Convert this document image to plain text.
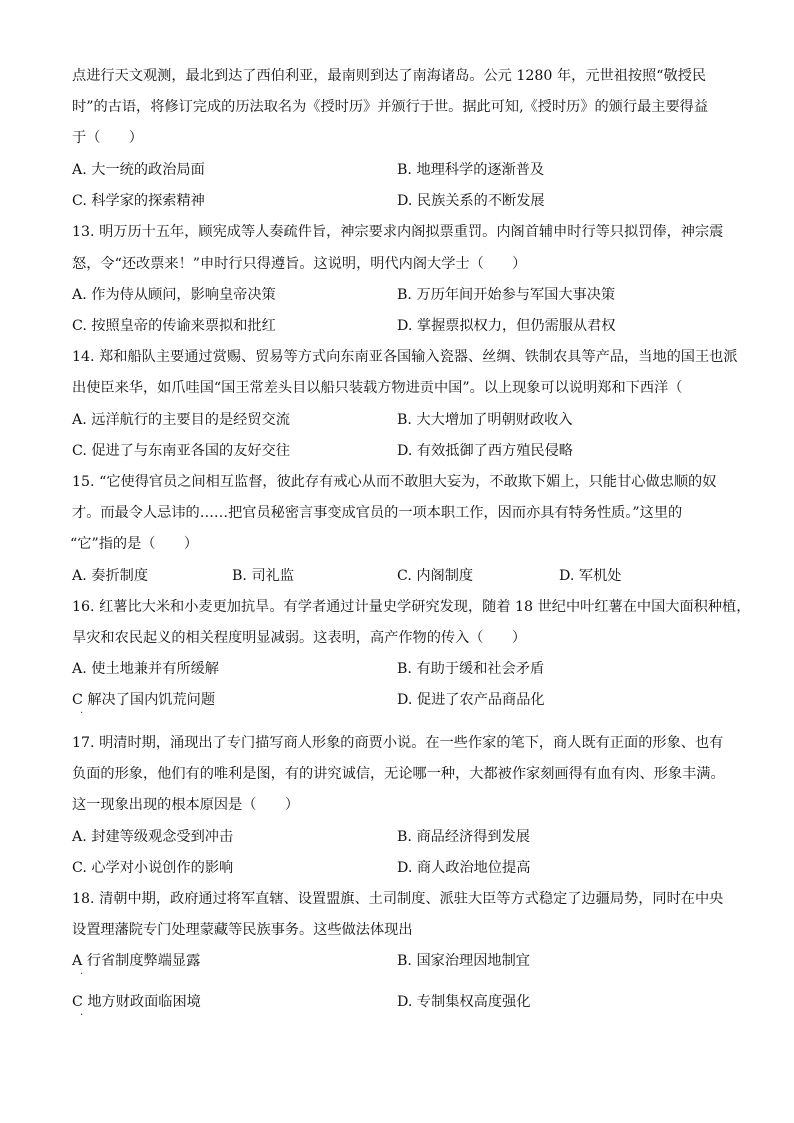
点进行天文观测，最北到达了西伯利亚，最南则到达了南海诸岛。公元 1280 年，元世祖按照“敬授民
时”的古语，将修订完成的历法取名为《授时历》并颁行于世。据此可知,《授时历》的颁行最主要得益
于（　　）
A. 大一统的政治局面	B. 地理科学的逐渐普及
C. 科学家的探索精神	D. 民族关系的不断发展
13. 明万历十五年，顾宪成等人奏疏件旨，神宗要求内阁拟票重罚。内阁首辅申时行等只拟罚俸，神宗震
怒，令“还改票来！”申时行只得遵旨。这说明，明代内阁大学士（　　）
A. 作为侍从顾问，影响皇帝决策	B. 万历年间开始参与军国大事决策
C. 按照皇帝的传谕来票拟和批红	D. 掌握票拟权力，但仍需服从君权
14. 郑和船队主要通过赏赐、贸易等方式向东南亚各国输入瓷器、丝绸、铁制农具等产品，当地的国王也派
出使臣来华，如爪哇国“国王常差头目以船只装载方物进贡中国”。以上现象可以说明郑和下西洋（
A. 远洋航行的主要目的是经贸交流	B. 大大增加了明朝财政收入
C. 促进了与东南亚各国的友好交往	D. 有效抵御了西方殖民侵略
15. “它使得官员之间相互监督，彼此存有戒心从而不敢胆大妄为，不敢欺下媚上，只能甘心做忠顺的奴
才。而最令人忌讳的……把官员秘密言事变成官员的一项本职工作，因而亦具有特务性质。”这里的
“它”指的是（　　）
A. 奏折制度	B. 司礼监	C. 内阁制度	D. 军机处
16. 红薯比大米和小麦更加抗旱。有学者通过计量史学研究发现，随着 18 世纪中叶红薯在中国大面积种植，
旱灾和农民起义的相关程度明显减弱。这表明，高产作物的传入（　　）
A. 使土地兼并有所缓解	B. 有助于缓和社会矛盾
C 解决了国内饥荒问题	D. 促进了农产品商品化
·
17. 明清时期，涌现出了专门描写商人形象的商贾小说。在一些作家的笔下，商人既有正面的形象、也有
负面的形象，他们有的唯利是图，有的讲究诚信，无论哪一种，大都被作家刻画得有血有肉、形象丰满。
这一现象出现的根本原因是（　　）
A. 封建等级观念受到冲击	B. 商品经济得到发展
C. 心学对小说创作的影响	D. 商人政治地位提高
18. 清朝中期，政府通过将军直辖、设置盟旗、土司制度、派驻大臣等方式稳定了边疆局势，同时在中央
设置理藩院专门处理蒙藏等民族事务。这些做法体现出
A 行省制度弊端显露	B. 国家治理因地制宜
·
C 地方财政面临困境	D. 专制集权高度强化
·
